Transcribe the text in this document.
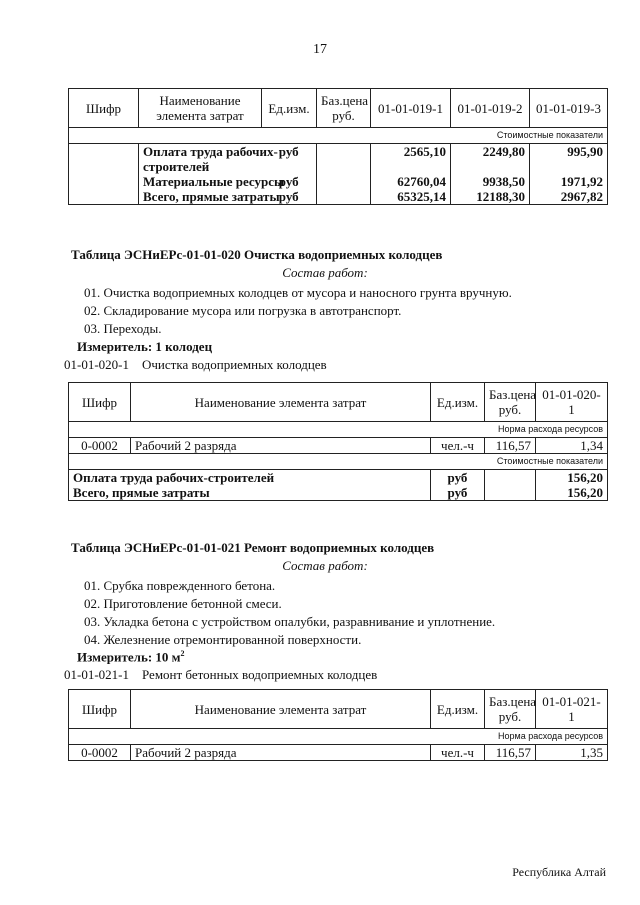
17
Шифр	Наименование элемента затрат	Ед.изм.	Баз.цена руб.	01-01-019-1	01-01-019-2	01-01-019-3
Стоимостные показатели						

	Оплата труда рабочих-строителей	руб		2565,10	2249,80	995,90
	Материальные ресурсы	руб		62760,04	9938,50	1971,92
	Всего, прямые затраты	руб		65325,14	12188,30	2967,82
Таблица ЭСНиЕРс-01-01-020 Очистка водоприемных колодцев
Состав работ:
01. Очистка водоприемных колодцев от мусора и наносного грунта вручную.
02. Складирование мусора или погрузка в автотранспорт.
03. Переходы.
Измеритель: 1 колодец
01-01-020-1    Очистка водоприемных колодцев
Шифр	Наименование элемента затрат	Ед.изм.	Баз.цена руб.	01-01-020-1
Норма расхода ресурсов				
0-0002	Рабочий 2 разряда	чел.-ч	116,57	1,34
Стоимостные показатели				
Оплата труда рабочих-строителей		руб		156,20
Всего, прямые затраты		руб		156,20
Таблица ЭСНиЕРс-01-01-021 Ремонт водоприемных колодцев
Состав работ:
01. Срубка поврежденного бетона.
02. Приготовление бетонной смеси.
03. Укладка бетона с устройством опалубки, разравнивание и уплотнение.
04. Железнение отремонтированной поверхности.
Измеритель: 10 $м^2$
01-01-021-1    Ремонт бетонных водоприемных колодцев
Шифр	Наименование элемента затрат	Ед.изм.	Баз.цена руб.	01-01-021-1
Норма расхода ресурсов				
0-0002	Рабочий 2 разряда	чел.-ч	116,57	1,35
Республика Алтай
